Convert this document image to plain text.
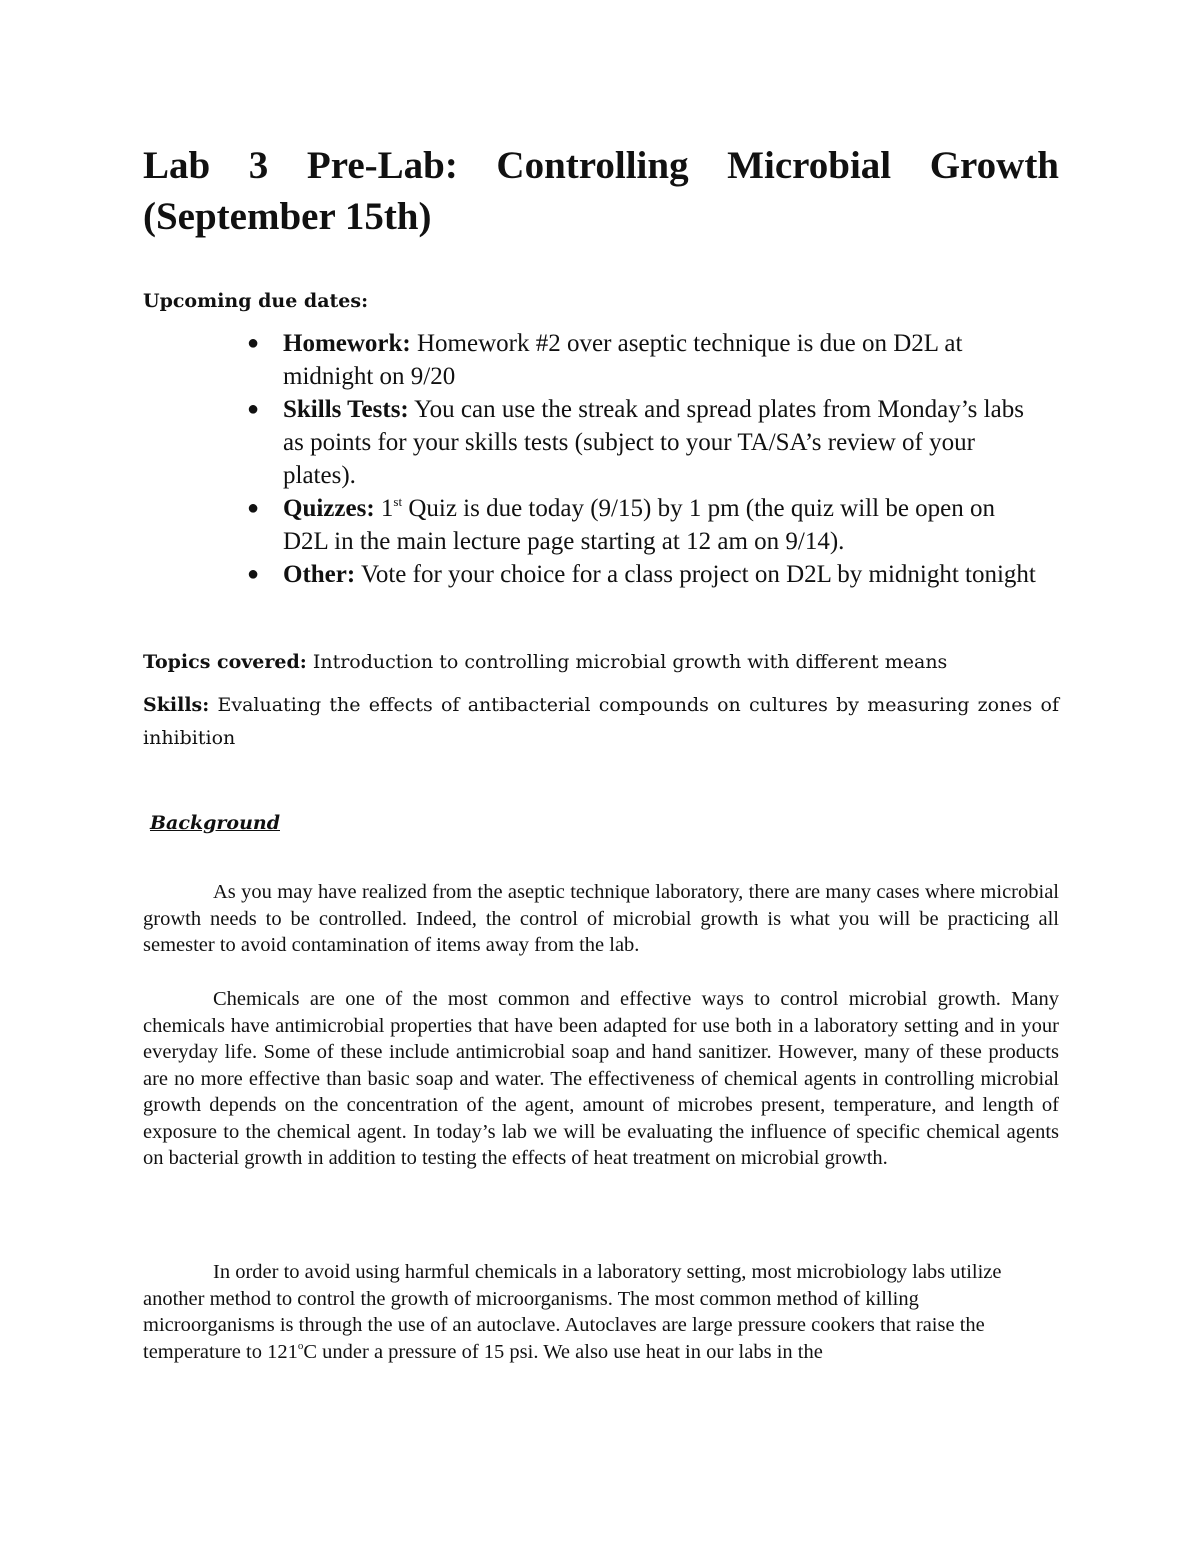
Lab 3 Pre-Lab: Controlling Microbial Growth (September 15th)

Upcoming due dates:

● Homework: Homework #2 over aseptic technique is due on D2L at midnight on 9/20
● Skills Tests: You can use the streak and spread plates from Monday’s labs as points for your skills tests (subject to your TA/SA’s review of your plates).
● Quizzes: 1st Quiz is due today (9/15) by 1 pm (the quiz will be open on D2L in the main lecture page starting at 12 am on 9/14).
● Other: Vote for your choice for a class project on D2L by midnight tonight

Topics covered: Introduction to controlling microbial growth with different means

Skills: Evaluating the effects of antibacterial compounds on cultures by measuring zones of inhibition

Background

As you may have realized from the aseptic technique laboratory, there are many cases where microbial growth needs to be controlled. Indeed, the control of microbial growth is what you will be practicing all semester to avoid contamination of items away from the lab.

Chemicals are one of the most common and effective ways to control microbial growth. Many chemicals have antimicrobial properties that have been adapted for use both in a laboratory setting and in your everyday life. Some of these include antimicrobial soap and hand sanitizer. However, many of these products are no more effective than basic soap and water. The effectiveness of chemical agents in controlling microbial growth depends on the concentration of the agent, amount of microbes present, temperature, and length of exposure to the chemical agent. In today’s lab we will be evaluating the influence of specific chemical agents on bacterial growth in addition to testing the effects of heat treatment on microbial growth.

In order to avoid using harmful chemicals in a laboratory setting, most microbiology labs utilize another method to control the growth of microorganisms. The most common method of killing microorganisms is through the use of an autoclave. Autoclaves are large pressure cookers that raise the temperature to 121$^o$C under a pressure of 15 psi. We also use heat in our labs in the
